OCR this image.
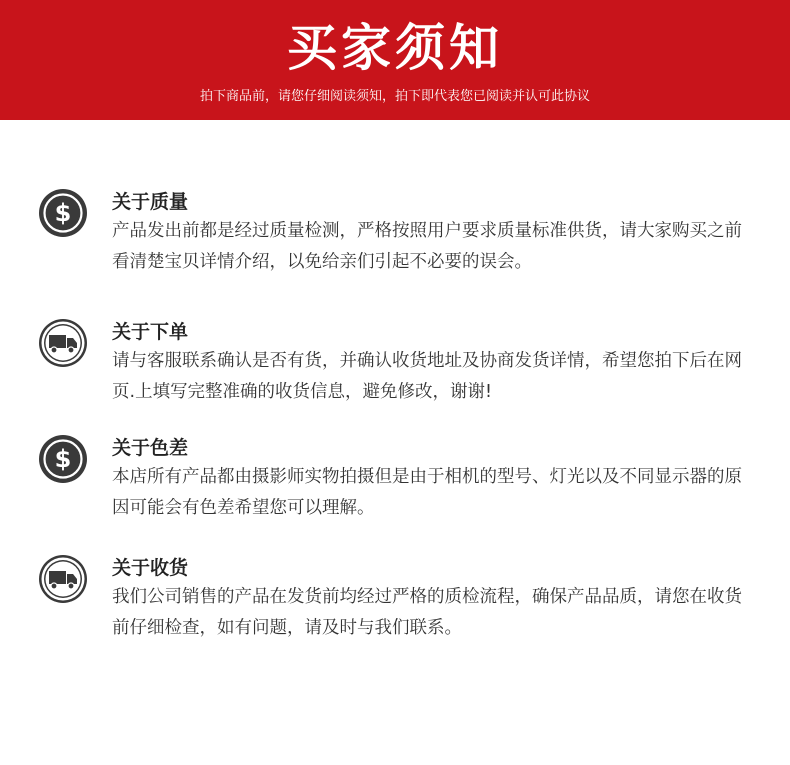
买家须知
拍下商品前，请您仔细阅读须知，拍下即代表您已阅读并认可此协议
$ 关于质量
产品发出前都是经过质量检测，严格按照用户要求质量标准供货，请大家购买之前看清楚宝贝详情介绍，以免给亲们引起不必要的误会。
关于下单
请与客服联系确认是否有货，并确认收货地址及协商发货详情，希望您拍下后在网页.上填写完整准确的收货信息，避免修改，谢谢!
$ 关于色差
本店所有产品都由摄影师实物拍摄但是由于相机的型号、灯光以及不同显示器的原因可能会有色差希望您可以理解。
关于收货
我们公司销售的产品在发货前均经过严格的质检流程，确保产品品质，请您在收货前仔细检查，如有问题，请及时与我们联系。
